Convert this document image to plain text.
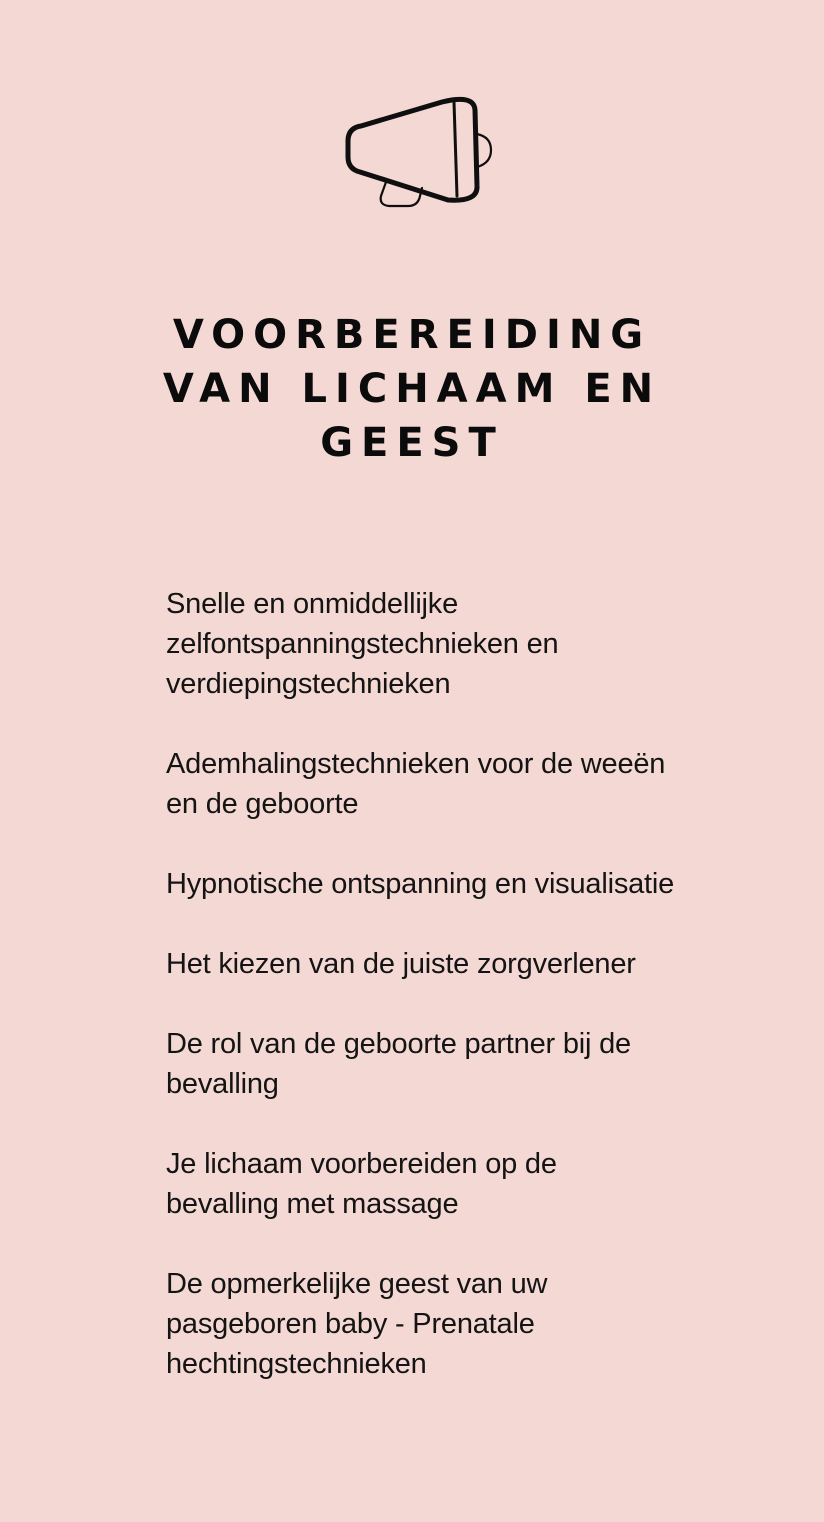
VOORBEREIDING
VAN LICHAAM EN
GEEST
Snelle en onmiddellijke
zelfontspanningstechnieken en
verdiepingstechnieken
Ademhalingstechnieken voor de weeën
en de geboorte
Hypnotische ontspanning en visualisatie
Het kiezen van de juiste zorgverlener
De rol van de geboorte partner bij de
bevalling
Je lichaam voorbereiden op de
bevalling met massage
De opmerkelijke geest van uw
pasgeboren baby - Prenatale
hechtingstechnieken
